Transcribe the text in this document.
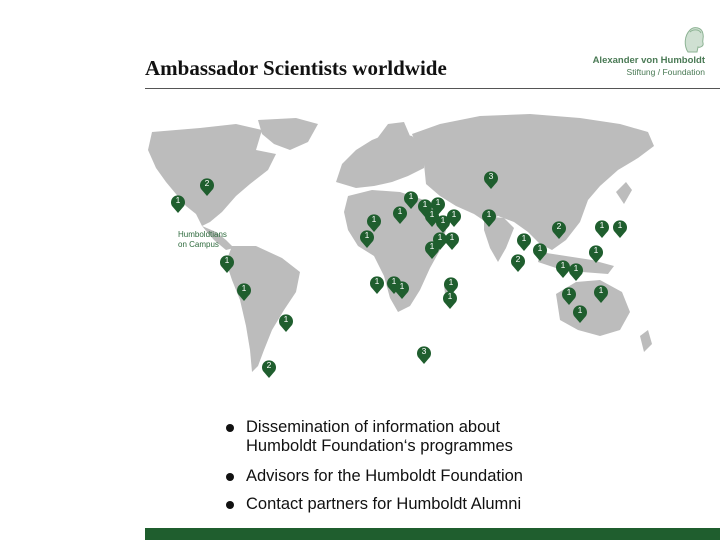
Ambassador Scientists worldwide	Alexander von Humboldt
Stiftung / Foundation
2
1
3
1
1 1
1	1 1	1
1	1
1	1 1
1
1
2	1 1
2
1	1
1 1
1
1 1 1	1
1
1	1	1
1
3
2
1
Humboldtians
on Campus
Dissemination of information about
Humboldt Foundation‘s programmes
Advisors for the Humboldt Foundation
Contact partners for Humboldt Alumni
